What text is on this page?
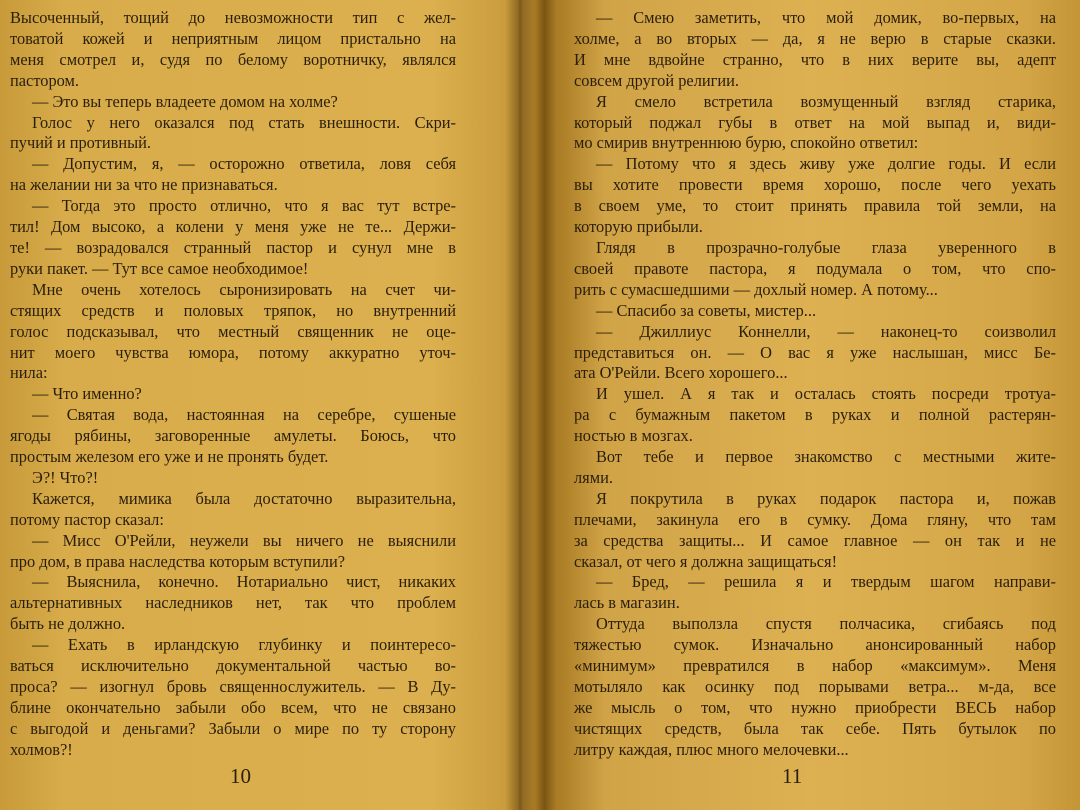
Высоченный, тощий до невозможности тип с жел-
товатой кожей и неприятным лицом пристально на
меня смотрел и, судя по белому воротничку, являлся
пастором.
— Это вы теперь владеете домом на холме?
Голос у него оказался под стать внешности. Скри-
пучий и противный.
— Допустим, я, — осторожно ответила, ловя себя
на желании ни за что не признаваться.
— Тогда это просто отлично, что я вас тут встре-
тил! Дом высоко, а колени у меня уже не те... Держи-
те! — возрадовался странный пастор и сунул мне в
руки пакет. — Тут все самое необходимое!
Мне очень хотелось сыронизировать на счет чи-
стящих средств и половых тряпок, но внутренний
голос подсказывал, что местный священник не оце-
нит моего чувства юмора, потому аккуратно уточ-
нила:
— Что именно?
— Святая вода, настоянная на серебре, сушеные
ягоды рябины, заговоренные амулеты. Боюсь, что
простым железом его уже и не пронять будет.
Э?! Что?!
Кажется, мимика была достаточно выразительна,
потому пастор сказал:
— Мисс О'Рейли, неужели вы ничего не выяснили
про дом, в права наследства которым вступили?
— Выяснила, конечно. Нотариально чист, никаких
альтернативных наследников нет, так что проблем
быть не должно.
— Ехать в ирландскую глубинку и поинтересо-
ваться исключительно документальной частью во-
проса? — изогнул бровь священнослужитель. — В Ду-
блине окончательно забыли обо всем, что не связано
с выгодой и деньгами? Забыли о мире по ту сторону
холмов?!
10
— Смею заметить, что мой домик, во-первых, на
холме, а во вторых — да, я не верю в старые сказки.
И мне вдвойне странно, что в них верите вы, адепт
совсем другой религии.
Я смело встретила возмущенный взгляд старика,
который поджал губы в ответ на мой выпад и, види-
мо смирив внутреннюю бурю, спокойно ответил:
— Потому что я здесь живу уже долгие годы. И если
вы хотите провести время хорошо, после чего уехать
в своем уме, то стоит принять правила той земли, на
которую прибыли.
Глядя в прозрачно-голубые глаза уверенного в
своей правоте пастора, я подумала о том, что спо-
рить с сумасшедшими — дохлый номер. А потому...
— Спасибо за советы, мистер...
— Джиллиус Коннелли, — наконец-то соизволил
представиться он. — О вас я уже наслышан, мисс Бе-
ата О'Рейли. Всего хорошего...
И ушел. А я так и осталась стоять посреди тротуа-
ра с бумажным пакетом в руках и полной растерян-
ностью в мозгах.
Вот тебе и первое знакомство с местными жите-
лями.
Я покрутила в руках подарок пастора и, пожав
плечами, закинула его в сумку. Дома гляну, что там
за средства защиты... И самое главное — он так и не
сказал, от чего я должна защищаться!
— Бред, — решила я и твердым шагом направи-
лась в магазин.
Оттуда выползла спустя полчасика, сгибаясь под
тяжестью сумок. Изначально анонсированный набор
«минимум» превратился в набор «максимум». Меня
мотыляло как осинку под порывами ветра... м-да, все
же мысль о том, что нужно приобрести ВЕСЬ набор
чистящих средств, была так себе. Пять бутылок по
литру каждая, плюс много мелочевки...
11
